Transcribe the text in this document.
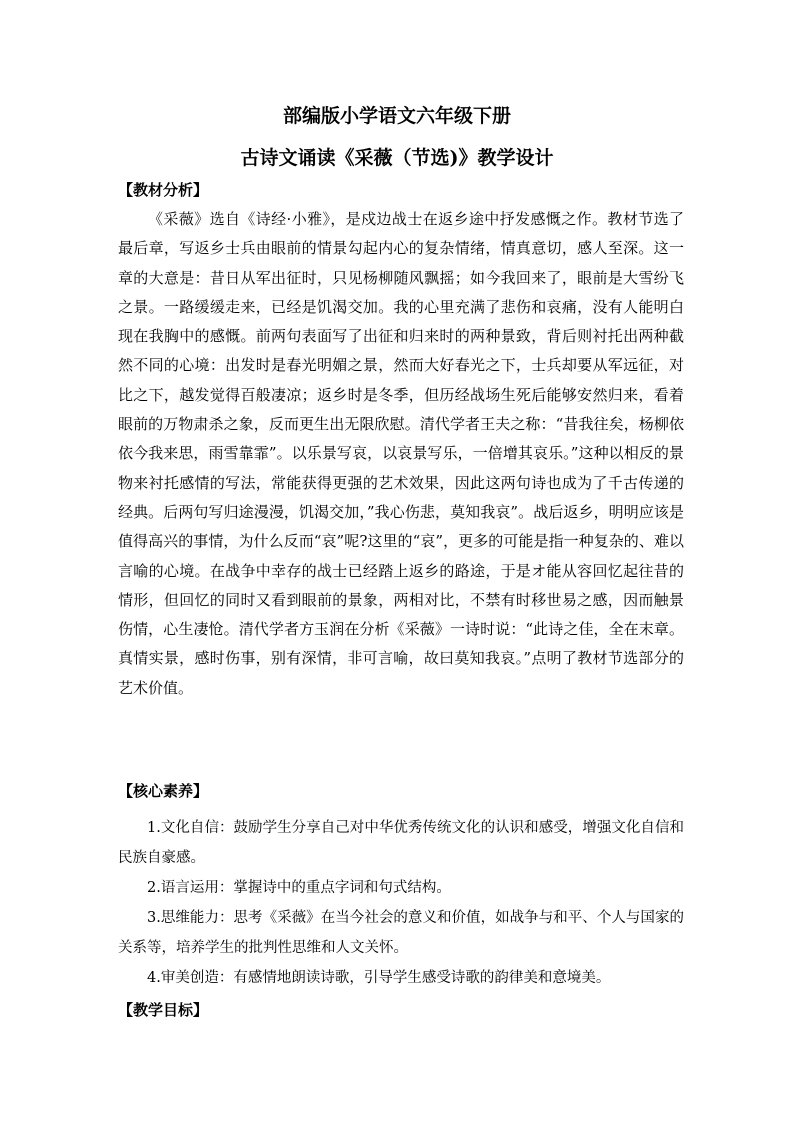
部编版小学语文六年级下册
古诗文诵读《采薇（节选)》教学设计
【教材分析】

《采薇》选自《诗经·小雅》，是戍边战士在返乡途中抒发感慨之作。教材节选了最后章，写返乡士兵由眼前的情景勾起内心的复杂情绪，情真意切，感人至深。这一章的大意是：昔日从军出征时，只见杨柳随风飘摇；如今我回来了，眼前是大雪纷飞之景。一路缓缓走来，已经是饥渴交加。我的心里充满了悲伤和哀痛，没有人能明白现在我胸中的感慨。前两句表面写了出征和归来时的两种景致，背后则衬托出两种截然不同的心境：出发时是春光明媚之景，然而大好春光之下，士兵却要从军远征，对比之下，越发觉得百般凄凉；返乡时是冬季，但历经战场生死后能够安然归来，看着眼前的万物肃杀之象，反而更生出无限欣慰。清代学者王夫之称：“昔我往矣，杨柳依依今我来思，雨雪靠霏”。以乐景写哀，以哀景写乐，一倍增其哀乐。”这种以相反的景物来衬托感情的写法，常能获得更强的艺术效果，因此这两句诗也成为了千古传递的经典。后两句写归途漫漫，饥渴交加，”我心伤悲，莫知我哀”。战后返乡，明明应该是值得高兴的事情，为什么反而“哀”呢?这里的“哀”，更多的可能是指一种复杂的、难以言喻的心境。在战争中幸存的战士已经踏上返乡的路途，于是オ能从容回忆起往昔的情形，但回忆的同时又看到眼前的景象，两相对比，不禁有时移世易之感，因而触景伤情，心生凄怆。清代学者方玉润在分析《采薇》一诗时说：“此诗之佳，全在末章。真情实景，感时伤事，别有深情，非可言喻，故曰莫知我哀。”点明了教材节选部分的艺术价值。

【核心素养】

1.文化自信：鼓励学生分享自己对中华优秀传统文化的认识和感受，增强文化自信和民族自豪感。

2.语言运用：掌握诗中的重点字词和句式结构。

3.思维能力：思考《采薇》在当今社会的意义和价值，如战争与和平、个人与国家的关系等，培养学生的批判性思维和人文关怀。

4.审美创造：有感情地朗读诗歌，引导学生感受诗歌的韵律美和意境美。

【教学目标】
